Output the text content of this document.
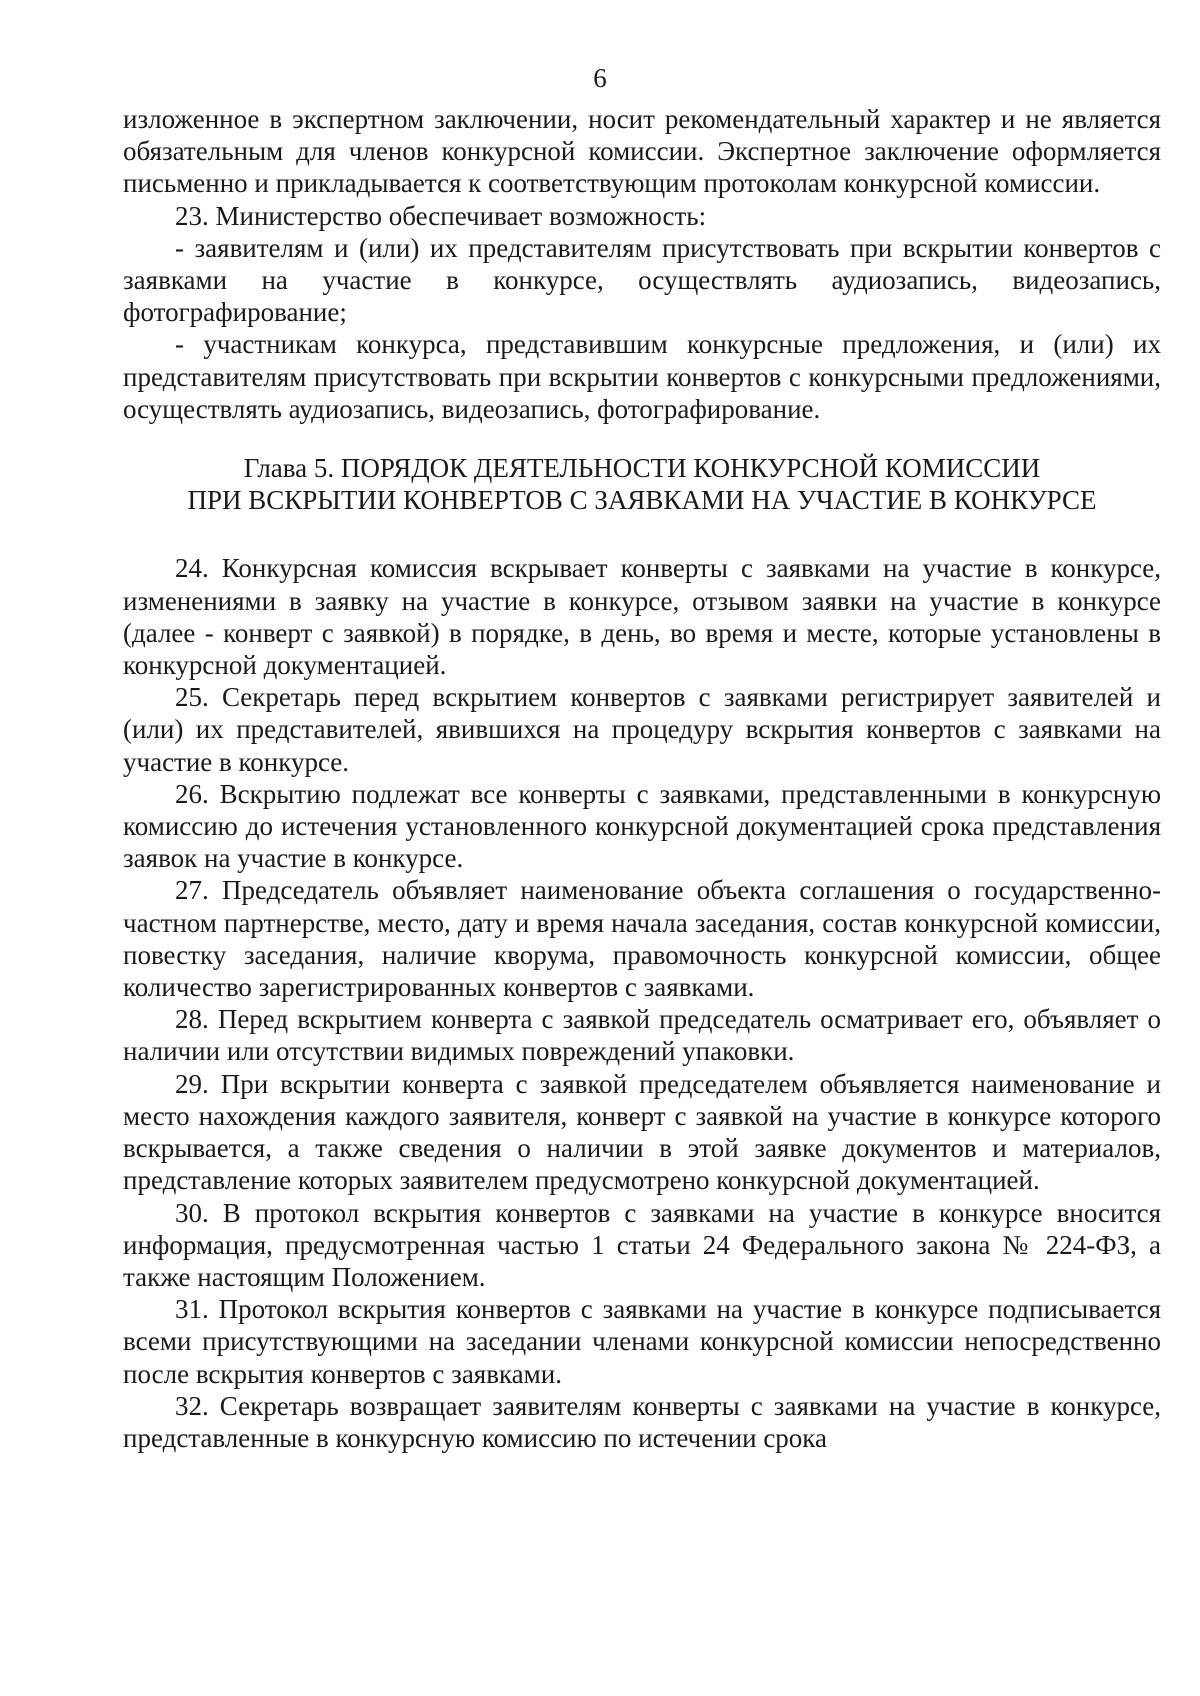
6

изложенное в экспертном заключении, носит рекомендательный характер и не является обязательным для членов конкурсной комиссии. Экспертное заключение оформляется письменно и прикладывается к соответствующим протоколам конкурсной комиссии.

23. Министерство обеспечивает возможность:

- заявителям и (или) их представителям присутствовать при вскрытии конвертов с заявками на участие в конкурсе, осуществлять аудиозапись, видеозапись, фотографирование;

- участникам конкурса, представившим конкурсные предложения, и (или) их представителям присутствовать при вскрытии конвертов с конкурсными предложениями, осуществлять аудиозапись, видеозапись, фотографирование.

Глава 5. ПОРЯДОК ДЕЯТЕЛЬНОСТИ КОНКУРСНОЙ КОМИССИИ
ПРИ ВСКРЫТИИ КОНВЕРТОВ С ЗАЯВКАМИ НА УЧАСТИЕ В КОНКУРСЕ

24. Конкурсная комиссия вскрывает конверты с заявками на участие в конкурсе, изменениями в заявку на участие в конкурсе, отзывом заявки на участие в конкурсе (далее - конверт с заявкой) в порядке, в день, во время и месте, которые установлены в конкурсной документацией.

25. Секретарь перед вскрытием конвертов с заявками регистрирует заявителей и (или) их представителей, явившихся на процедуру вскрытия конвертов с заявками на участие в конкурсе.

26. Вскрытию подлежат все конверты с заявками, представленными в конкурсную комиссию до истечения установленного конкурсной документацией срока представления заявок на участие в конкурсе.

27. Председатель объявляет наименование объекта соглашения о государственно-частном партнерстве, место, дату и время начала заседания, состав конкурсной комиссии, повестку заседания, наличие кворума, правомочность конкурсной комиссии, общее количество зарегистрированных конвертов с заявками.

28. Перед вскрытием конверта с заявкой председатель осматривает его, объявляет о наличии или отсутствии видимых повреждений упаковки.

29. При вскрытии конверта с заявкой председателем объявляется наименование и место нахождения каждого заявителя, конверт с заявкой на участие в конкурсе которого вскрывается, а также сведения о наличии в этой заявке документов и материалов, представление которых заявителем предусмотрено конкурсной документацией.

30. В протокол вскрытия конвертов с заявками на участие в конкурсе вносится информация, предусмотренная частью 1 статьи 24 Федерального закона № 224-ФЗ, а также настоящим Положением.

31. Протокол вскрытия конвертов с заявками на участие в конкурсе подписывается всеми присутствующими на заседании членами конкурсной комиссии непосредственно после вскрытия конвертов с заявками.

32. Секретарь возвращает заявителям конверты с заявками на участие в конкурсе, представленные в конкурсную комиссию по истечении срока
